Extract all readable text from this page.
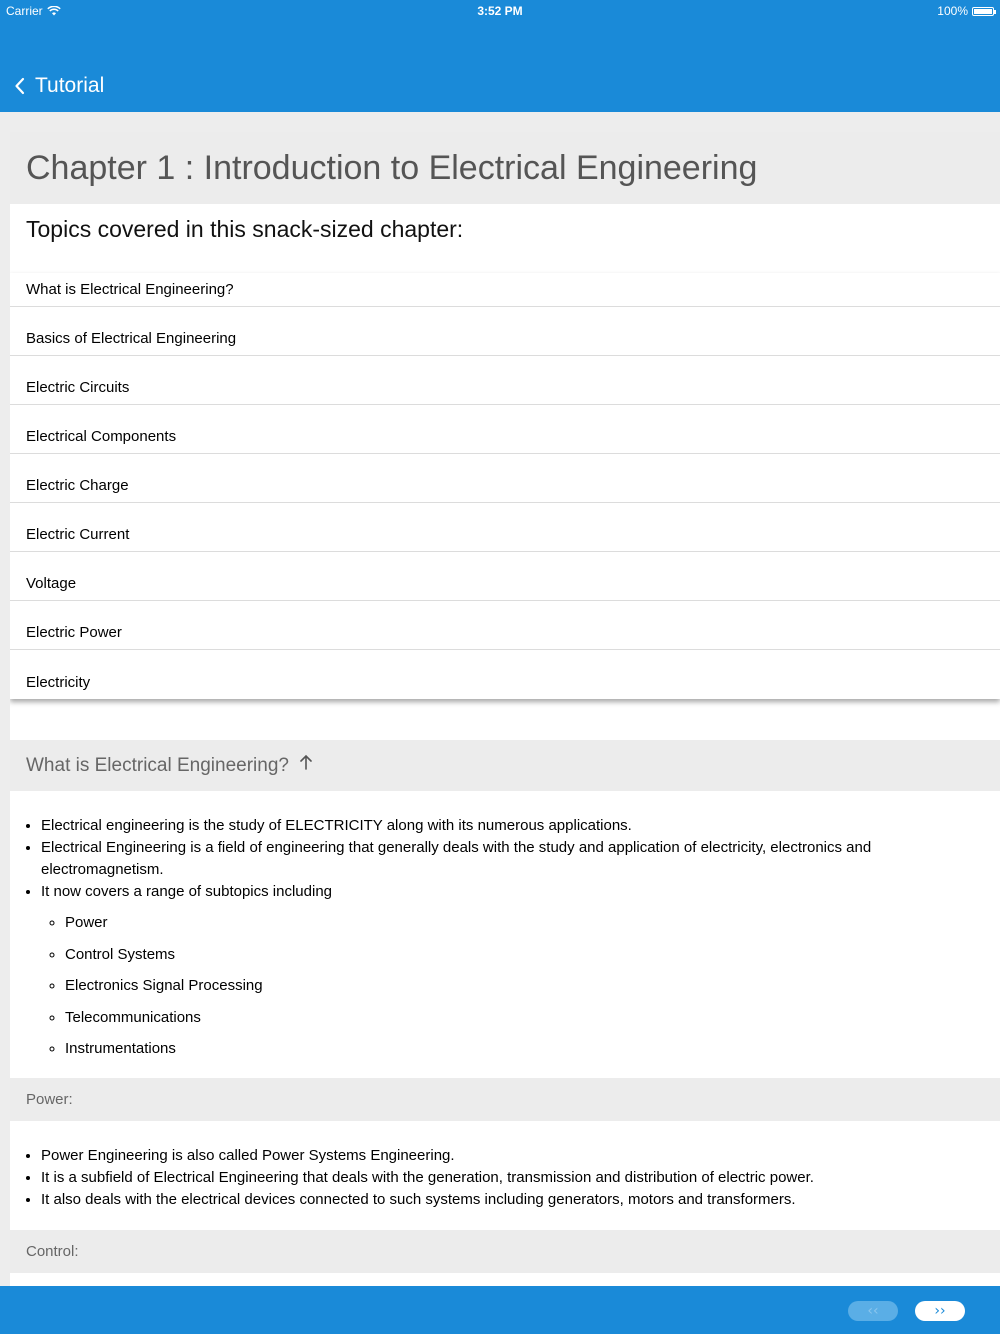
Carrier	3:52 PM	100%
Tutorial
Chapter 1 : Introduction to Electrical Engineering
Topics covered in this snack-sized chapter:
What is Electrical Engineering?
Basics of Electrical Engineering
Electric Circuits
Electrical Components
Electric Charge
Electric Current
Voltage
Electric Power
Electricity
What is Electrical Engineering?
• Electrical engineering is the study of ELECTRICITY along with its numerous applications.
• Electrical Engineering is a field of engineering that generally deals with the study and application of electricity, electronics and electromagnetism.
• It now covers a range of subtopics including
◦ Power
◦ Control Systems
◦ Electronics Signal Processing
◦ Telecommunications
◦ Instrumentations
Power:
• Power Engineering is also called Power Systems Engineering.
• It is a subfield of Electrical Engineering that deals with the generation, transmission and distribution of electric power.
• It also deals with the electrical devices connected to such systems including generators, motors and transformers.
Control:
‹‹	››
